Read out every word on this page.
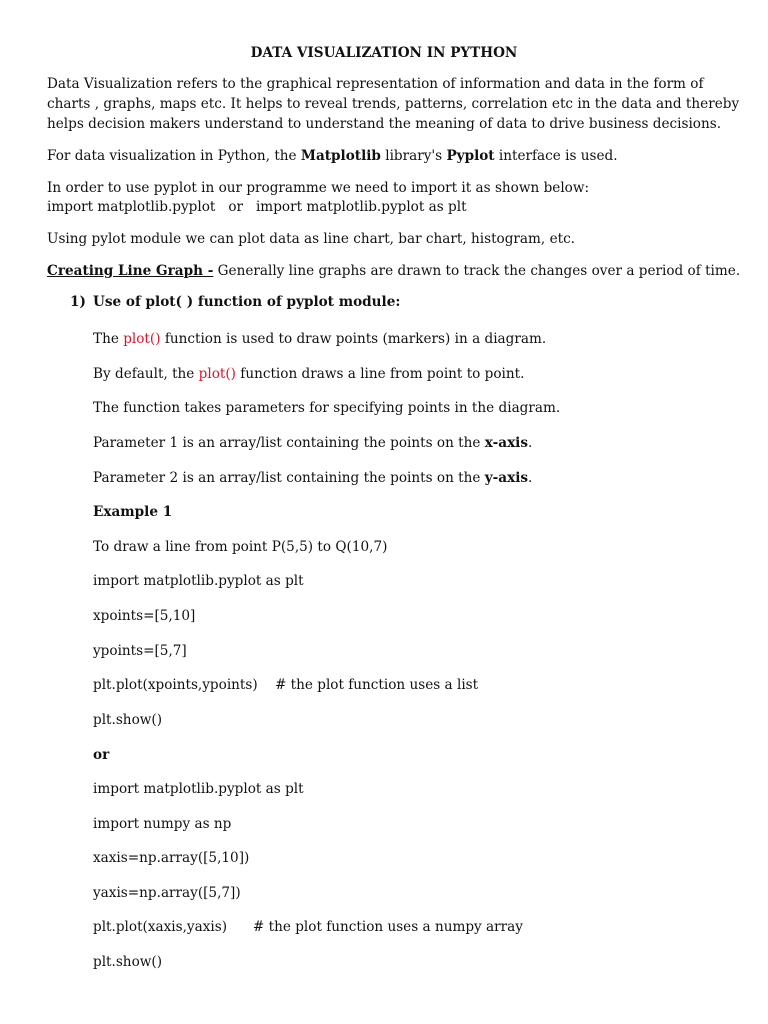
DATA VISUALIZATION IN PYTHON

Data Visualization refers to the graphical representation of information and data in the form of

charts , graphs, maps etc. It helps to reveal trends, patterns, correlation etc in the data and thereby

helps decision makers understand to understand the meaning of data to drive business decisions.

For data visualization in Python, the Matplotlib library's Pyplot interface is used.

In order to use pyplot in our programme we need to import it as shown below:

import matplotlib.pyplot   or   import matplotlib.pyplot as plt

Using pylot module we can plot data as line chart, bar chart, histogram, etc.

Creating Line Graph - Generally line graphs are drawn to track the changes over a period of time.

1) Use of plot( ) function of pyplot module:

The plot() function is used to draw points (markers) in a diagram.

By default, the plot() function draws a line from point to point.

The function takes parameters for specifying points in the diagram.

Parameter 1 is an array/list containing the points on the x-axis.

Parameter 2 is an array/list containing the points on the y-axis.

Example 1

To draw a line from point P(5,5) to Q(10,7)

import matplotlib.pyplot as plt

xpoints=[5,10]

ypoints=[5,7]

plt.plot(xpoints,ypoints)    # the plot function uses a list

plt.show()

or

import matplotlib.pyplot as plt

import numpy as np

xaxis=np.array([5,10])

yaxis=np.array([5,7])

plt.plot(xaxis,yaxis)      # the plot function uses a numpy array

plt.show()
